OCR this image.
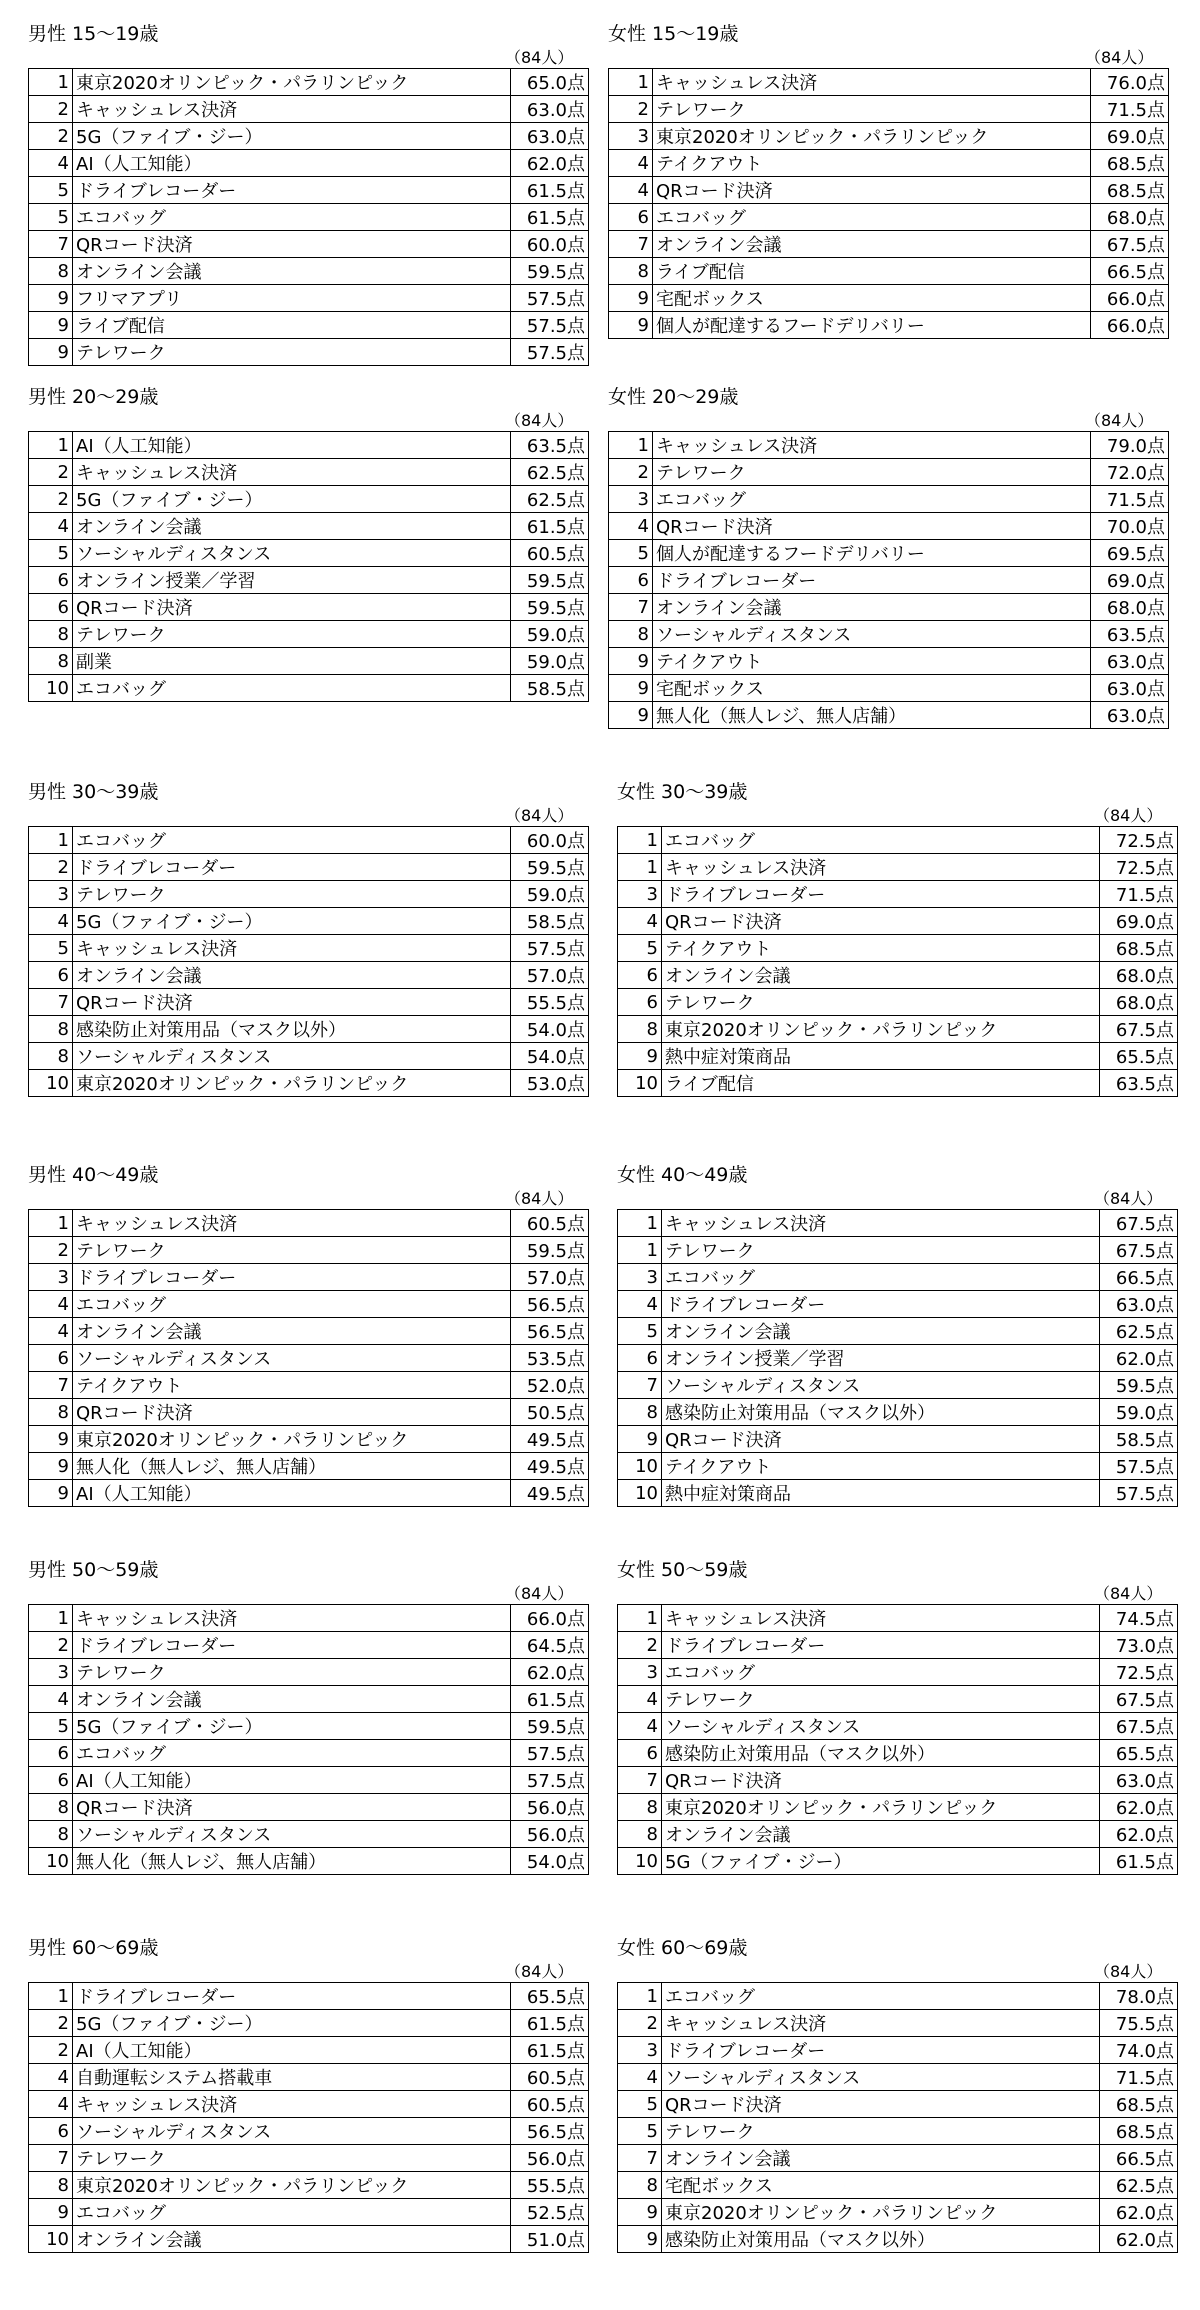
男性 15〜19歳
（84人）
1	東京2020オリンピック・パラリンピック	65.0点
2	キャッシュレス決済	63.0点
2	5G（ファイブ・ジー）	63.0点
4	AI（人工知能）	62.0点
5	ドライブレコーダー	61.5点
5	エコバッグ	61.5点
7	QRコード決済	60.0点
8	オンライン会議	59.5点
9	フリマアプリ	57.5点
9	ライブ配信	57.5点
9	テレワーク	57.5点
女性 15〜19歳
（84人）
1	キャッシュレス決済	76.0点
2	テレワーク	71.5点
3	東京2020オリンピック・パラリンピック	69.0点
4	テイクアウト	68.5点
4	QRコード決済	68.5点
6	エコバッグ	68.0点
7	オンライン会議	67.5点
8	ライブ配信	66.5点
9	宅配ボックス	66.0点
9	個人が配達するフードデリバリー	66.0点
男性 20〜29歳
（84人）
1	AI（人工知能）	63.5点
2	キャッシュレス決済	62.5点
2	5G（ファイブ・ジー）	62.5点
4	オンライン会議	61.5点
5	ソーシャルディスタンス	60.5点
6	オンライン授業／学習	59.5点
6	QRコード決済	59.5点
8	テレワーク	59.0点
8	副業	59.0点
10	エコバッグ	58.5点
女性 20〜29歳
（84人）
1	キャッシュレス決済	79.0点
2	テレワーク	72.0点
3	エコバッグ	71.5点
4	QRコード決済	70.0点
5	個人が配達するフードデリバリー	69.5点
6	ドライブレコーダー	69.0点
7	オンライン会議	68.0点
8	ソーシャルディスタンス	63.5点
9	テイクアウト	63.0点
9	宅配ボックス	63.0点
9	無人化（無人レジ、無人店舗）	63.0点
男性 30〜39歳
（84人）
1	エコバッグ	60.0点
2	ドライブレコーダー	59.5点
3	テレワーク	59.0点
4	5G（ファイブ・ジー）	58.5点
5	キャッシュレス決済	57.5点
6	オンライン会議	57.0点
7	QRコード決済	55.5点
8	感染防止対策用品（マスク以外）	54.0点
8	ソーシャルディスタンス	54.0点
10	東京2020オリンピック・パラリンピック	53.0点
女性 30〜39歳
（84人）
1	エコバッグ	72.5点
1	キャッシュレス決済	72.5点
3	ドライブレコーダー	71.5点
4	QRコード決済	69.0点
5	テイクアウト	68.5点
6	オンライン会議	68.0点
6	テレワーク	68.0点
8	東京2020オリンピック・パラリンピック	67.5点
9	熱中症対策商品	65.5点
10	ライブ配信	63.5点
男性 40〜49歳
（84人）
1	キャッシュレス決済	60.5点
2	テレワーク	59.5点
3	ドライブレコーダー	57.0点
4	エコバッグ	56.5点
4	オンライン会議	56.5点
6	ソーシャルディスタンス	53.5点
7	テイクアウト	52.0点
8	QRコード決済	50.5点
9	東京2020オリンピック・パラリンピック	49.5点
9	無人化（無人レジ、無人店舗）	49.5点
9	AI（人工知能）	49.5点
女性 40〜49歳
（84人）
1	キャッシュレス決済	67.5点
1	テレワーク	67.5点
3	エコバッグ	66.5点
4	ドライブレコーダー	63.0点
5	オンライン会議	62.5点
6	オンライン授業／学習	62.0点
7	ソーシャルディスタンス	59.5点
8	感染防止対策用品（マスク以外）	59.0点
9	QRコード決済	58.5点
10	テイクアウト	57.5点
10	熱中症対策商品	57.5点
男性 50〜59歳
（84人）
1	キャッシュレス決済	66.0点
2	ドライブレコーダー	64.5点
3	テレワーク	62.0点
4	オンライン会議	61.5点
5	5G（ファイブ・ジー）	59.5点
6	エコバッグ	57.5点
6	AI（人工知能）	57.5点
8	QRコード決済	56.0点
8	ソーシャルディスタンス	56.0点
10	無人化（無人レジ、無人店舗）	54.0点
女性 50〜59歳
（84人）
1	キャッシュレス決済	74.5点
2	ドライブレコーダー	73.0点
3	エコバッグ	72.5点
4	テレワーク	67.5点
4	ソーシャルディスタンス	67.5点
6	感染防止対策用品（マスク以外）	65.5点
7	QRコード決済	63.0点
8	東京2020オリンピック・パラリンピック	62.0点
8	オンライン会議	62.0点
10	5G（ファイブ・ジー）	61.5点
男性 60〜69歳
（84人）
1	ドライブレコーダー	65.5点
2	5G（ファイブ・ジー）	61.5点
2	AI（人工知能）	61.5点
4	自動運転システム搭載車	60.5点
4	キャッシュレス決済	60.5点
6	ソーシャルディスタンス	56.5点
7	テレワーク	56.0点
8	東京2020オリンピック・パラリンピック	55.5点
9	エコバッグ	52.5点
10	オンライン会議	51.0点
女性 60〜69歳
（84人）
1	エコバッグ	78.0点
2	キャッシュレス決済	75.5点
3	ドライブレコーダー	74.0点
4	ソーシャルディスタンス	71.5点
5	QRコード決済	68.5点
5	テレワーク	68.5点
7	オンライン会議	66.5点
8	宅配ボックス	62.5点
9	東京2020オリンピック・パラリンピック	62.0点
9	感染防止対策用品（マスク以外）	62.0点
